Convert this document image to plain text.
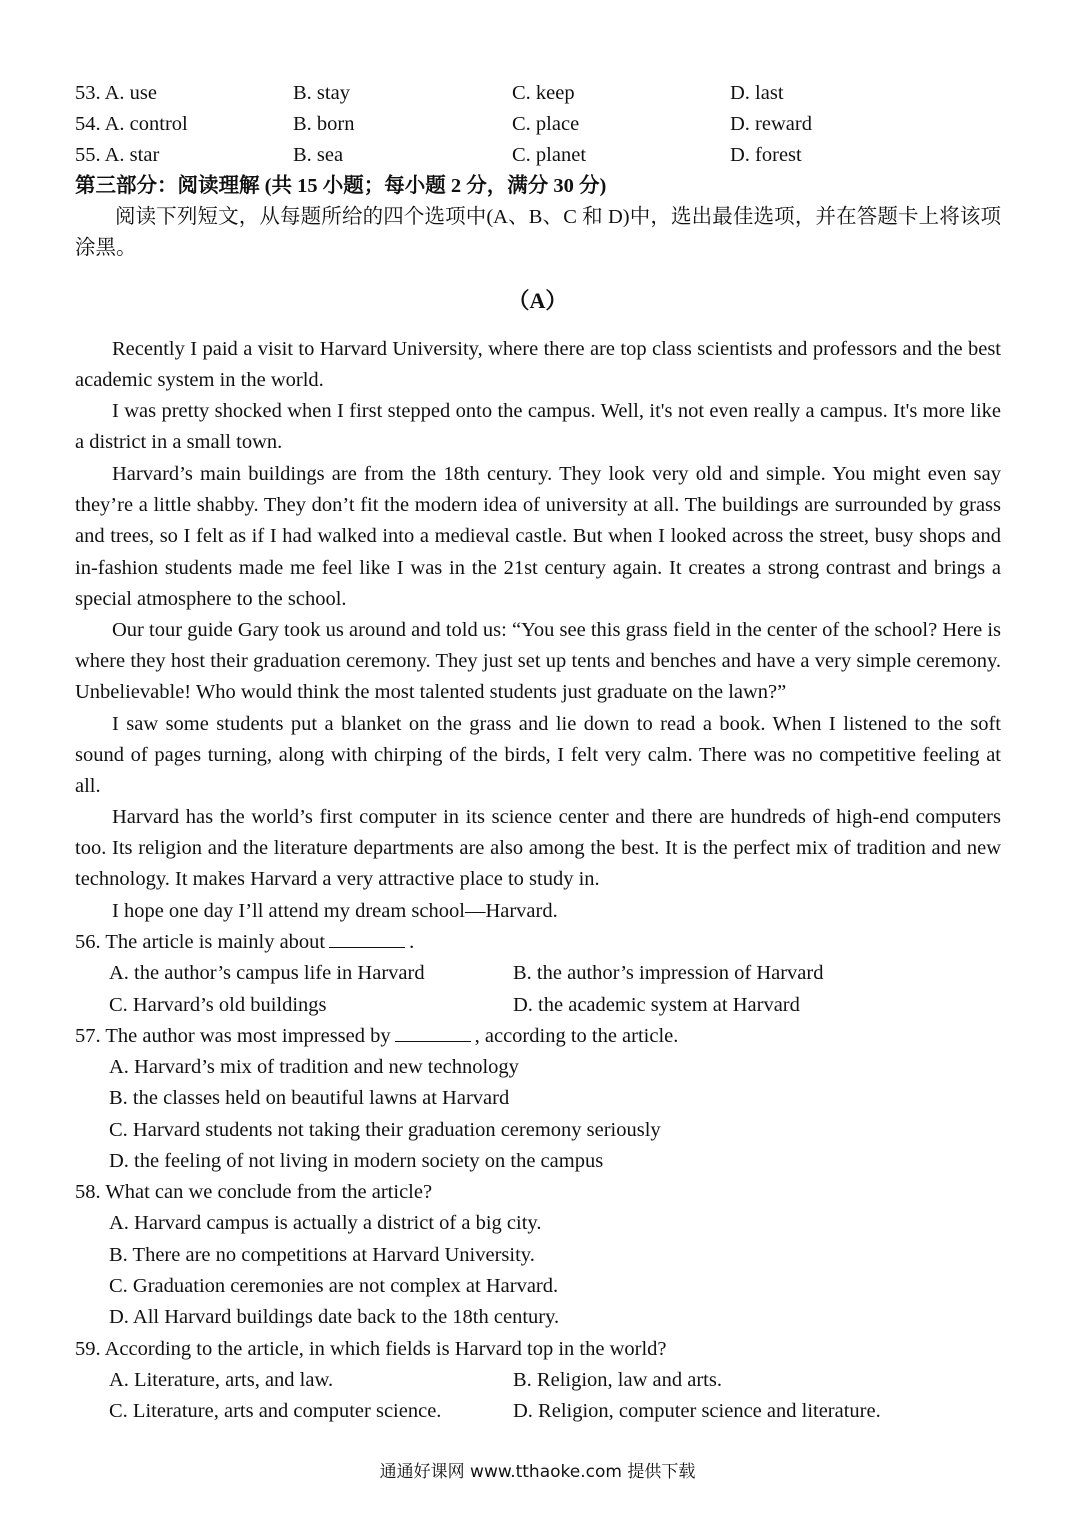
53. A. use	B. stay	C. keep	D. last
54. A. control	B. born	C. place	D. reward
55. A. star	B. sea	C. planet	D. forest
第三部分：阅读理解 (共 15 小题；每小题 2 分，满分 30 分)
阅读下列短文，从每题所给的四个选项中(A、B、C 和 D)中，选出最佳选项，并在答题卡上将该项涂黑。
（A）

Recently I paid a visit to Harvard University, where there are top class scientists and professors and the best academic system in the world.

I was pretty shocked when I first stepped onto the campus. Well, it's not even really a campus. It's more like a district in a small town.

Harvard’s main buildings are from the 18th century. They look very old and simple. You might even say they’re a little shabby. They don’t fit the modern idea of university at all. The buildings are surrounded by grass and trees, so I felt as if I had walked into a medieval castle. But when I looked across the street, busy shops and in-fashion students made me feel like I was in the 21st century again. It creates a strong contrast and brings a special atmosphere to the school.

Our tour guide Gary took us around and told us: “You see this grass field in the center of the school? Here is where they host their graduation ceremony. They just set up tents and benches and have a very simple ceremony. Unbelievable! Who would think the most talented students just graduate on the lawn?”

I saw some students put a blanket on the grass and lie down to read a book. When I listened to the soft sound of pages turning, along with chirping of the birds, I felt very calm. There was no competitive feeling at all.

Harvard has the world’s first computer in its science center and there are hundreds of high-end computers too. Its religion and the literature departments are also among the best. It is the perfect mix of tradition and new technology. It makes Harvard a very attractive place to study in.

I hope one day I’ll attend my dream school—Harvard.

56. The article is mainly about	.
A. the author’s campus life in Harvard	B. the author’s impression of Harvard
C. Harvard’s old buildings	D. the academic system at Harvard
57. The author was most impressed by	, according to the article.
A. Harvard’s mix of tradition and new technology
B. the classes held on beautiful lawns at Harvard
C. Harvard students not taking their graduation ceremony seriously
D. the feeling of not living in modern society on the campus
58. What can we conclude from the article?
A. Harvard campus is actually a district of a big city.
B. There are no competitions at Harvard University.
C. Graduation ceremonies are not complex at Harvard.
D. All Harvard buildings date back to the 18th century.
59. According to the article, in which fields is Harvard top in the world?
A. Literature, arts, and law.	B. Religion, law and arts.
C. Literature, arts and computer science.	D. Religion, computer science and literature.
通通好课网 www.tthaoke.com 提供下载
